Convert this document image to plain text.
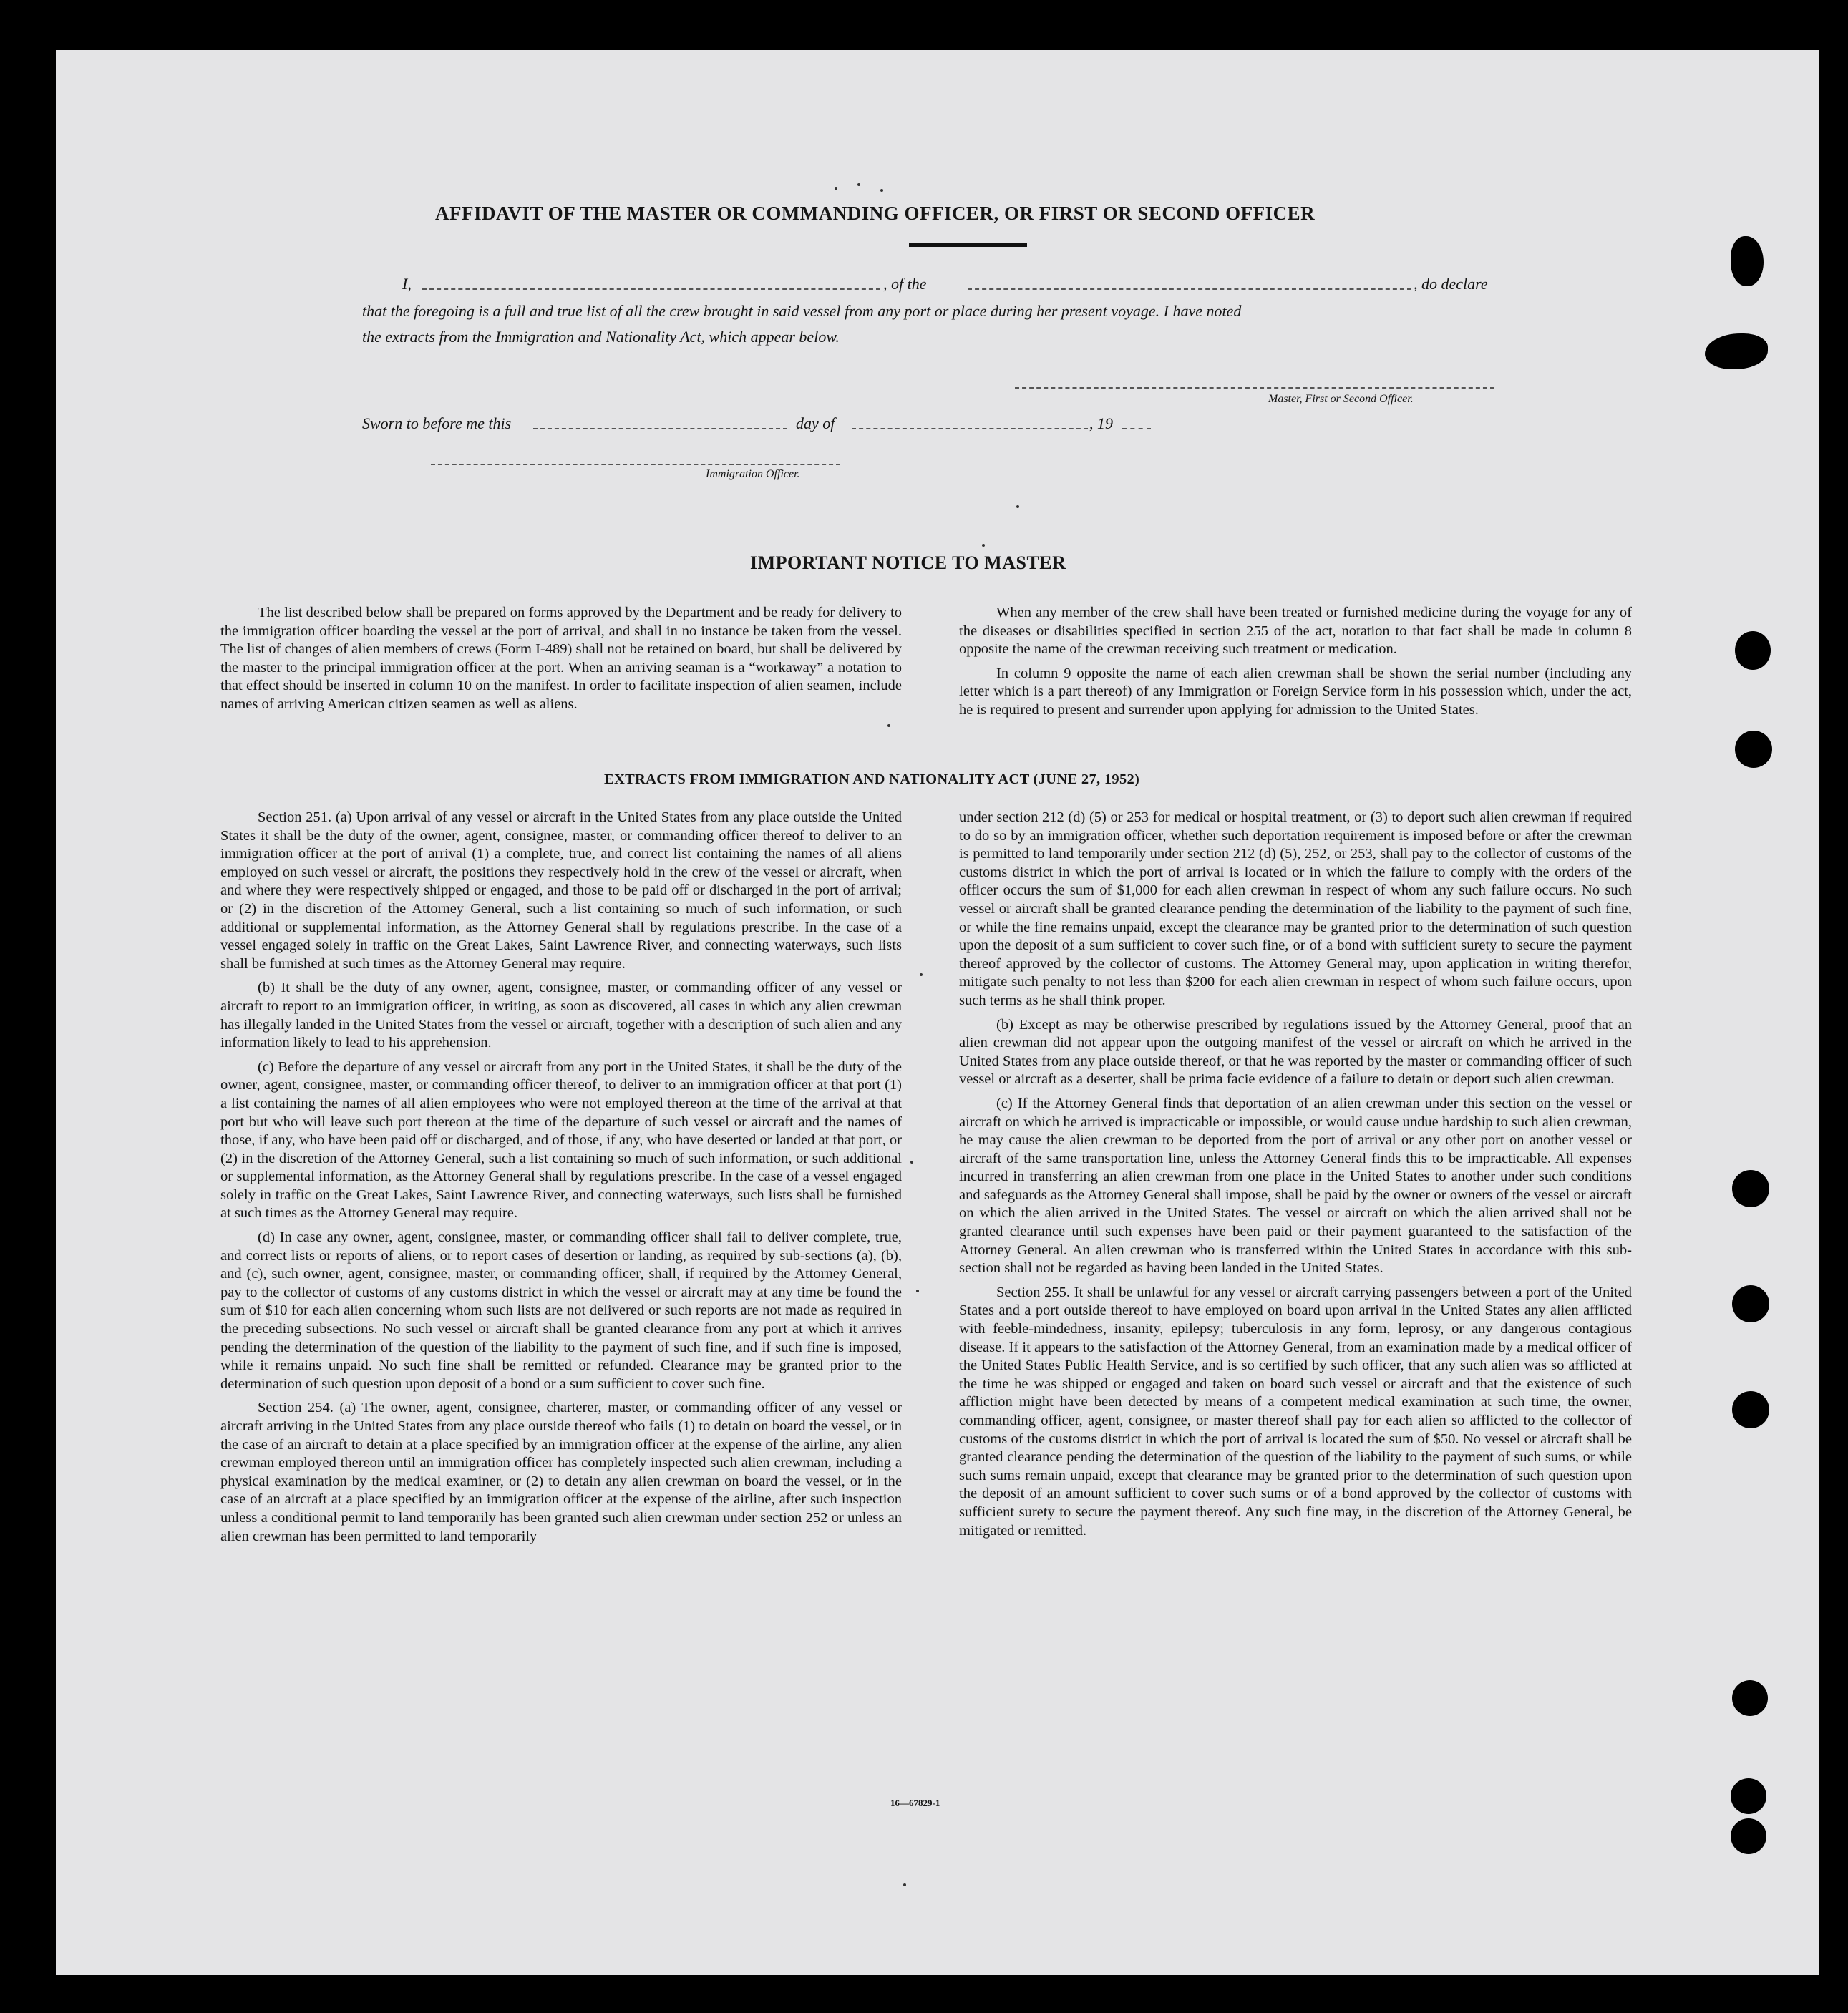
AFFIDAVIT OF THE MASTER OR COMMANDING OFFICER, OR FIRST OR SECOND OFFICER
I,	, of the	, do declare
that the foregoing is a full and true list of all the crew brought in said vessel from any port or place during her present voyage. I have noted
the extracts from the Immigration and Nationality Act, which appear below.
Master, First or Second Officer.
Sworn to before me this	day of	, 19
Immigration Officer.
IMPORTANT NOTICE TO MASTER

The list described below shall be prepared on forms approved by the Department and be ready for delivery to the immigration officer boarding the vessel at the port of arrival, and shall in no instance be taken from the vessel. The list of changes of alien members of crews (Form I-489) shall not be retained on board, but shall be delivered by the master to the principal immigration officer at the port. When an arriving seaman is a “workaway” a notation to that effect should be inserted in column 10 on the manifest. In order to facilitate inspection of alien seamen, include names of arriving American citizen seamen as well as aliens.

When any member of the crew shall have been treated or furnished medicine during the voyage for any of the diseases or disabilities specified in section 255 of the act, notation to that fact shall be made in column 8 opposite the name of the crewman receiving such treatment or medication.

In column 9 opposite the name of each alien crewman shall be shown the serial number (including any letter which is a part thereof) of any Immigration or Foreign Service form in his possession which, under the act, he is required to present and surrender upon applying for admission to the United States.

EXTRACTS FROM IMMIGRATION AND NATIONALITY ACT (JUNE 27, 1952)

Section 251. (a) Upon arrival of any vessel or aircraft in the United States from any place outside the United States it shall be the duty of the owner, agent, consignee, master, or commanding officer thereof to deliver to an immigration officer at the port of arrival (1) a complete, true, and correct list containing the names of all aliens employed on such vessel or aircraft, the positions they respectively hold in the crew of the vessel or aircraft, when and where they were respectively shipped or engaged, and those to be paid off or discharged in the port of arrival; or (2) in the discretion of the Attorney General, such a list containing so much of such information, or such additional or supplemental information, as the Attorney General shall by regulations prescribe. In the case of a vessel engaged solely in traffic on the Great Lakes, Saint Lawrence River, and connecting waterways, such lists shall be furnished at such times as the Attorney General may require.

(b) It shall be the duty of any owner, agent, consignee, master, or commanding officer of any vessel or aircraft to report to an immigration officer, in writing, as soon as discovered, all cases in which any alien crewman has illegally landed in the United States from the vessel or aircraft, together with a description of such alien and any information likely to lead to his apprehension.

(c) Before the departure of any vessel or aircraft from any port in the United States, it shall be the duty of the owner, agent, consignee, master, or commanding officer thereof, to deliver to an immigration officer at that port (1) a list containing the names of all alien employees who were not employed thereon at the time of the arrival at that port but who will leave such port thereon at the time of the departure of such vessel or aircraft and the names of those, if any, who have been paid off or discharged, and of those, if any, who have deserted or landed at that port, or (2) in the discretion of the Attorney General, such a list containing so much of such information, or such additional or supplemental information, as the Attorney General shall by regulations prescribe. In the case of a vessel engaged solely in traffic on the Great Lakes, Saint Lawrence River, and connecting waterways, such lists shall be furnished at such times as the Attorney General may require.

(d) In case any owner, agent, consignee, master, or commanding officer shall fail to deliver complete, true, and correct lists or reports of aliens, or to report cases of desertion or landing, as required by sub-sections (a), (b), and (c), such owner, agent, consignee, master, or commanding officer, shall, if required by the Attorney General, pay to the collector of customs of any customs district in which the vessel or aircraft may at any time be found the sum of $10 for each alien concerning whom such lists are not delivered or such reports are not made as required in the preceding subsections. No such vessel or aircraft shall be granted clearance from any port at which it arrives pending the determination of the question of the liability to the payment of such fine, and if such fine is imposed, while it remains unpaid. No such fine shall be remitted or refunded. Clearance may be granted prior to the determination of such question upon deposit of a bond or a sum sufficient to cover such fine.

Section 254. (a) The owner, agent, consignee, charterer, master, or commanding officer of any vessel or aircraft arriving in the United States from any place outside thereof who fails (1) to detain on board the vessel, or in the case of an aircraft to detain at a place specified by an immigration officer at the expense of the airline, any alien crewman employed thereon until an immigration officer has completely inspected such alien crewman, including a physical examination by the medical examiner, or (2) to detain any alien crewman on board the vessel, or in the case of an aircraft at a place specified by an immigration officer at the expense of the airline, after such inspection unless a conditional permit to land temporarily has been granted such alien crewman under section 252 or unless an alien crewman has been permitted to land temporarily

under section 212 (d) (5) or 253 for medical or hospital treatment, or (3) to deport such alien crewman if required to do so by an immigration officer, whether such deportation requirement is imposed before or after the crewman is permitted to land temporarily under section 212 (d) (5), 252, or 253, shall pay to the collector of customs of the customs district in which the port of arrival is located or in which the failure to comply with the orders of the officer occurs the sum of $1,000 for each alien crewman in respect of whom any such failure occurs. No such vessel or aircraft shall be granted clearance pending the determination of the liability to the payment of such fine, or while the fine remains unpaid, except the clearance may be granted prior to the determination of such question upon the deposit of a sum sufficient to cover such fine, or of a bond with sufficient surety to secure the payment thereof approved by the collector of customs. The Attorney General may, upon application in writing therefor, mitigate such penalty to not less than $200 for each alien crewman in respect of whom such failure occurs, upon such terms as he shall think proper.

(b) Except as may be otherwise prescribed by regulations issued by the Attorney General, proof that an alien crewman did not appear upon the outgoing manifest of the vessel or aircraft on which he arrived in the United States from any place outside thereof, or that he was reported by the master or commanding officer of such vessel or aircraft as a deserter, shall be prima facie evidence of a failure to detain or deport such alien crewman.

(c) If the Attorney General finds that deportation of an alien crewman under this section on the vessel or aircraft on which he arrived is impracticable or impossible, or would cause undue hardship to such alien crewman, he may cause the alien crewman to be deported from the port of arrival or any other port on another vessel or aircraft of the same transportation line, unless the Attorney General finds this to be impracticable. All expenses incurred in transferring an alien crewman from one place in the United States to another under such conditions and safeguards as the Attorney General shall impose, shall be paid by the owner or owners of the vessel or aircraft on which the alien arrived in the United States. The vessel or aircraft on which the alien arrived shall not be granted clearance until such expenses have been paid or their payment guaranteed to the satisfaction of the Attorney General. An alien crewman who is transferred within the United States in accordance with this sub-section shall not be regarded as having been landed in the United States.

Section 255. It shall be unlawful for any vessel or aircraft carrying passengers between a port of the United States and a port outside thereof to have employed on board upon arrival in the United States any alien afflicted with feeble-mindedness, insanity, epilepsy; tuberculosis in any form, leprosy, or any dangerous contagious disease. If it appears to the satisfaction of the Attorney General, from an examination made by a medical officer of the United States Public Health Service, and is so certified by such officer, that any such alien was so afflicted at the time he was shipped or engaged and taken on board such vessel or aircraft and that the existence of such affliction might have been detected by means of a competent medical examination at such time, the owner, commanding officer, agent, consignee, or master thereof shall pay for each alien so afflicted to the collector of customs of the customs district in which the port of arrival is located the sum of $50. No vessel or aircraft shall be granted clearance pending the determination of the question of the liability to the payment of such sums, or while such sums remain unpaid, except that clearance may be granted prior to the determination of such question upon the deposit of an amount sufficient to cover such sums or of a bond approved by the collector of customs with sufficient surety to secure the payment thereof. Any such fine may, in the discretion of the Attorney General, be mitigated or remitted.

16—67829-1
